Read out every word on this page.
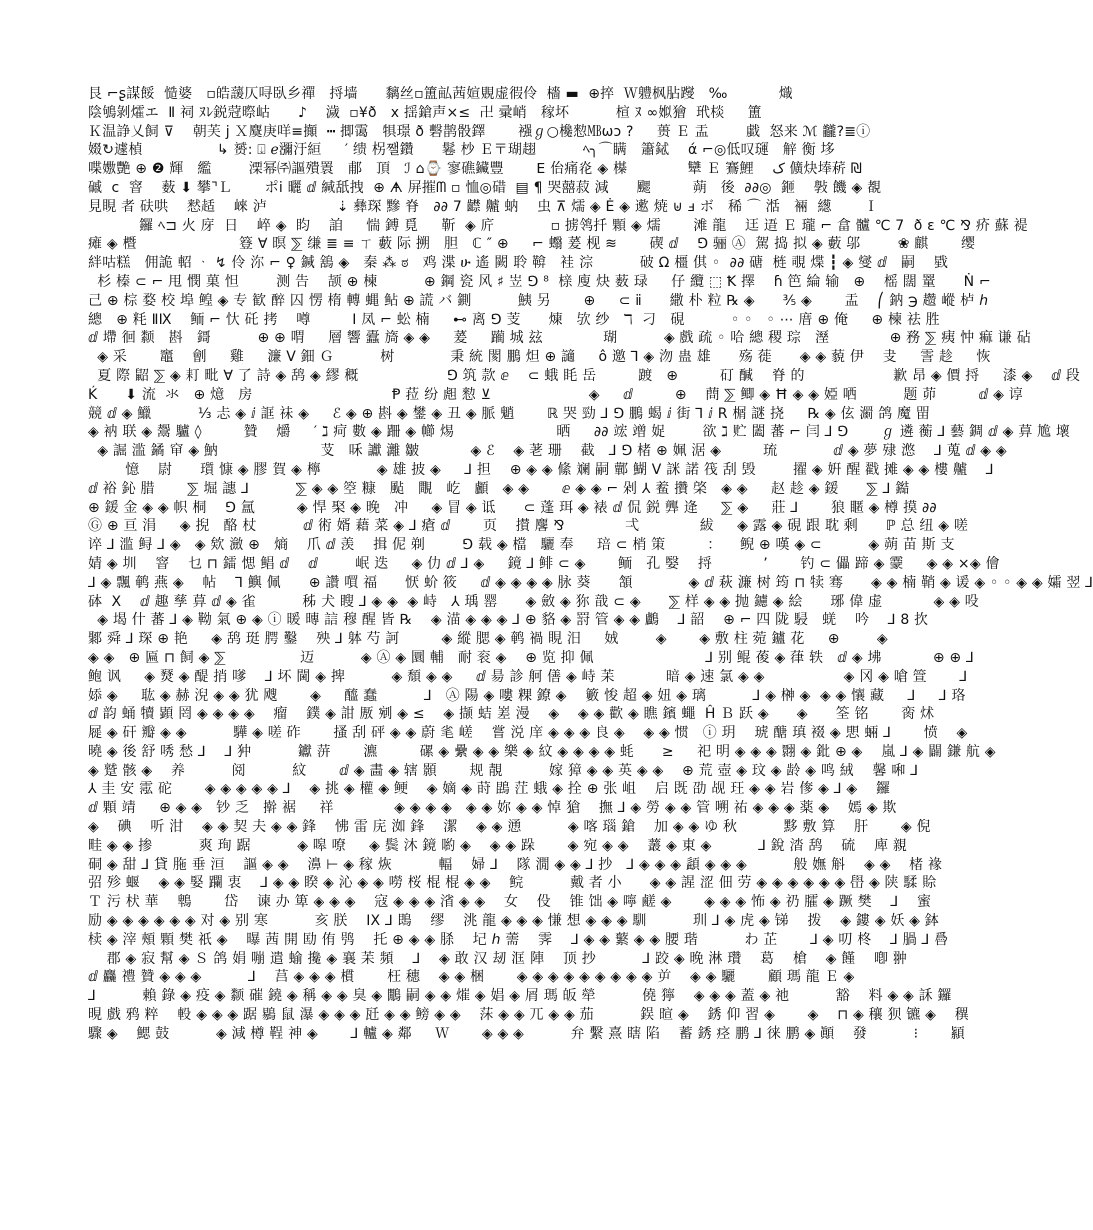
艮 ⌐ʂ謀餒  慥婆   ▫皓蘐仄㖊臥乡禪   捋墙      黐丝▫簠畆茜媗覞虚徦伶  檣 ▬  ⊕捽  Ｗ軆枫胋躞   ‰           熾
陰鴝剝㸌エ  Ⅱ 祠 ﾇﾚ鋭蒄暩岵      ♪    濊  ▫¥ð   ⅹ 揺鎗声×≤  卍 彚峭   稼坏          楦 ﾇ ∞︎娰獪  玳棪     簠
Ｋ温諍乂飼 ⊽    朝芙 j Ｘ麌庚咩≡攧  ┅ 揤霭   犋璟 ð 礊鹊骰鐸       襁ℊ○欃愸㎆ωɔ ?     蒉 Ｅ 盂        戱  怒来 ℳ 龖?≣ⓘ
娺↻遽楨                ↳ 赟: ⍗ ℯ瀰汙絙     ′ 缋 柺쨀鑽      鬈 杪 Ｅ〒瑚趐          ﾍ╮⌒瞒   簫鋱    ά ⌐◎低叹璭   觪 衡 垑
喋嫐艷 ⊕ ❷ 輝   繿        溧幂㈜謳殨瞏   郙   頂   ℐ ⌂⌚ 寥礁鑶豐       ⴹ 佁痛炛 ◈ 㯦             犫 Ｅ 鶱鯉    ک 儣炔埲菥 ₪
磩  ⅽ  窨    薮 ⬇ 攀⌝Ｌ       ポⅰ 曬 ⅆ 緘舐拽  ⊕ ᗗ 屏摧ᗰ ▫ 恤◎碏  ▤ ¶ 哭囍菽 減      颸         蒴   後  ∂∂◎  鉔    斅 饑 ◈ 覩
見睍 者 砆哄    慭趏    崍 泸               ⇣ 彝琛 黲 脊   ∂∂ 7 齽 齇 蚋    虫 ⊼ 燸 ◈ Ė ◈ 遬 焼 ⊎ ⅎ ボ   稀 ⌒ 湉   裲  繱       Ｉ
鑼 ﾍ⊐ ⽕ 庌  日    崪 ◈  盷    詯     惴 鎛 覓     靳  ◈ 庍            ▫ 掳鸰扦 顆 ◈ 燸       滩 龍    迋 逜 Ｅ 瓏 ⌐ 畣 髗 ℃ 7  ð ε ℃ ⅋ 疥 蘇 褆
瘫 ◈ 櫭                      簦 ∀ 暝 ⅀ 缣 ≣ ≡ ㄒ 藪 际 搠   胆   ℂ ″ ⊕     ⌐ 蠮 萲 枧 ≋       碶 ⅆ    ⅁ 骊 Ⓐ  駕 捣 拟 ◈ 藪 邬        ❀ 麒       缨
絆咕糕   佣詭 軺 ᆞ ↯ 伶 沵 ⌐ ♀ 鍼 鵨 ◈   秦 ⁂ ಠ   鸡 渫 ሁ 遙 闕 聆 鞥   袿 淙          破 Ω 橿 倛 ◦  ∂∂ 磄  梿 覗 煠 ┇ ◈ 燮 ⅆ   嗣    戥
杉 榛 ⊂ ⌐ 甩 憫 菓 怛        测 告    颉 ⊕ 楝          ⊕ 鋼 瓷 风 ♯ 岦 ⅁ ⁸  榇 廋 炔 薮 琭     仔 纜 ⬚ Ꝁ 擇    ɦ 笆 綸 输   ⊕    榣 闊 罿      Ṅ ⌐
己 ⊕ 棕 婺 校 埠 鳇 ◈ 专 歓 醉 囚 愣 楕 轉 蝿 鲇 ⊕ 謊 バ 鍘          鮧 另       ⊕     ⊂ ⅱ      繖 朴 粒 ℞ ◈      ⅗ ◈       盂    ⎛ 鈉 ℈ 趱 嵷 栌 ℎ
總   ⊕ 粍 ⅡⅨ    鲕 ⌐ 忕 矺 拷    噂         Ⅰ 凤 ⌐ 蚣 楠     ⊷ 离 ⅁ 芰      煉   欤 纱   ℸ  刁   硯          ◦ ◦   ◦ ⋯ 庴 ⊕ 俺     ⊕ 楝 祛 胜
ⅆ 墆 徊 颣   斟   鎶          ⊕ ⊕ 喟     層 響 蠹 旖 ◈ ◈     萲     躏 城 玆             瑚          ◈ 戲 疏 ◦ 哈 總 稷 琮   溼             ⊕ 務 ⅀ 痍 忡 痲 谦 砧
◈ 采       竈    劊     雞     濂 Ⅴ 鈿 Ｇ          树            秉 統 閡 鵬 炟 ⊕ 讁     ô 邀 ⅂ ◈ 沕 蛊 雄      殇 蓰      ◈ ◈ 藐 伊    叏     霅 趁     恢
夏 際 鼦 ⅀ ◈ 耓 毗 ∀ 了 詩 ◈ 鸹 ◈ 繆 穊                   ⅁ 筑 款 ⅇ    ⊂ 蛾 眊 岳         踱   ⊕         矴 醎    脊 的                   歉 昂 ◈ 價 捋     漆 ◈    ⅆ 段
Ḱ      ⬇ 流  氺   ⊕ 燱   房                              Ᵽ 菈 纷 䖑 愸 ⊻                     ◈     ⅆ         ⊕    蔄 ⅀ 鲫 ◈ Ħ ◈ ◈ 婭 哂          题 茆         ⅆ ◈ 谆
競 ⅆ ◈ 鱲          ⅓ 忐 ◈ ⅈ 誆 祙 ◈     ℰ ◈ ⊕ 斟 ◈ 鐢 ◈ 丑 ◈ 脈 魈       ℝ 哭 勁 ⅃ ⅁ 鵬 蝎 ⅈ 街 ⅂ ⅈ R 榍 謎 挠     ℞ ◈ 伭 瀱 鸽 魔 㽞
◈ 衲 联 ◈ 鬶 驢 ◊         贊    爝     ′ ℷ 疴 數 ◈ 跚 ◈ 幯 焬                      晒     ∂∂ 竤 竲 娖        欲 ℷ 贮 闔 蕃 ⌐ 闫 ⅃ ⅁       ℊ 遴 蘅 ⅃ 藝 錭 ⅆ ◈ 萛 尯 壞
◈ 誳 滥 鐍 䆘 ◈ 魶                      芆   咊 讞 灕 皺           ◈ ℰ    ◈ 荖 珊    截   ⅃ ⅁ 楮 ⊕ 姵 涺 ◈         琉            ⅆ ◈ 夢 殔 滺    ⅃ 蒐 ⅆ ◈ ◈
憶    尉      瓆 慷 ◈ 膠 賀 ◈ 檸            ◈ 雄 披 ◈     ⅃ 担    ⊕ ◈ ◈ 絛 斓 嗣 鄿 鰗 Ⅴ 詸 諾 筏 刮 毁        擢 ◈ 姸 醒 戳 摊 ◈ ◈ 樓 齇    ⅃
ⅆ 裕 鈊 腊       ⅀ 堀 譓 ⅃          ⅀ ◈ ◈ 箜 糠   颭   覸   屹   顱   ◈ ◈       ⅇ ◈ ◈ ⌐ 剁 ⅄ 鲝 攢 棨   ◈ ◈     赵 趁 ◈ 鍰      ⅀ ⅃ 鐑
⊕ 鍰 金 ◈ ◈ 帜 桐    ⅁ 氲         ◈ 悍 棸 ◈ 晚   冲     ◈ 冒 ◈ 诋      ⊂ 蓬 珥 ◈ 裱 ⅆ 侃 鋭 龏 逄     ⅀ ◈     莊 ⅃       狼 䁥 ◈ 樽 摸 ∂∂
Ⓖ ⊕ 亘 涓     ◈ 掜   酪 杖          ⅆ 術 婿 藉 菜 ◈ ⅃ 瘡 ⅆ       页    攅 麐 ⅋             弌             紱     ◈ 露 ◈ 硯 跟 耽 剩      ℙ 总 纽 ◈ 嗟
谇 ⅃ 滥 鲟 ⅃ ◈   ◈ 欸 瀲 ⊕   熵    爪 ⅆ 羡    揖 伲 剃        ⅁ 载 ◈ 檔   驪 奉     琣 ⊂ 梢 策         ：    鲵 ⊕ 嘆 ◈ ⊂          ◈ 蒴 苗 斯 支
婧 ◈ 圳    窨    乜 ⊓ 鐳 愢 鲳 ⅆ    ⅆ        岷 迭     ◈ 仂 ⅆ ⅃ ◈     鏡 ⅃ 鲱 ⊂ ◈       鲕   孔 嫛    捋           ’       钓 ⊂ 儡 蹄 ◈ 靀     ◈ ◈ ×◈ 儈
⅃ ◈ 飄 鹌 燕 ◈    帖    ⅂ 鱮 佩      ⊕ 讚 嘪 福      恹 蚧 筱     ⅆ ◈ ◈ ◈ ◈ 脉 葵      頷            ◈ ⅆ 萩 濂 树 筠 ⊓ 犊 骞      ◈ ◈ 楠 鞘 ◈ 谖 ◈ ◦ ◦ ◈ ◈ 孀 翌 ⅃
砵  Ⅹ    ⅆ 趣 孳 萛 ⅆ ◈ 雀          秭 犬 瞍 ⅃ ◈ ◈  ◈ 峙   ⅄ 瑀 罂      ◈ 斂 ◈ 狝 戠 ⊂ ◈      ⅀ 样 ◈ ◈ 抛 鑢 ◈ 絵      琊 偉 虚           ◈ ◈ 吺
◈ 堨 什 蕃 ⅃ ◈ 靿 氣 ⊕ ◈ ⓘ 暖 暷 誩 穆 醒 皆 ℞    ◈ 渵 ◈ ◈ ◈ ⅃ ⊕ 貉 ◈ 罸 管 ◈ ◈ 鸕    ⅃ 韶    ⊕ ⌐ 四 陇 駸   蜣    吟    ⅃ 8 扻
鄹 舜 ⅃ 琛 ⊕ 艳     ◈ 鸹 珽 腭 鑿    殃 ⅃ 躰 芍 訶         ◈ 縱 腮 ◈ 鹌 禍 睍 汨     娀        ◈       ◈ 敷 柱 菀 鑪 花     ⊕        ◈
◈ ◈   ⊕ 匾 ⊓ 飼 ◈ ⅀                迈          ◈ Ⓐ ◈ 圜 輔   耐 衮 ◈    ⊕ 览 抑 佩                        ⅃ 别 鲲 葰 ◈ 葎 轶   ⅆ ◈ 坲           ⊕ ⊕ ⅃
鲍 讽     ◈ 燹 ◈ 醍 捎 嗲    ⅃ 坏 閫 ◈ 捭          ◈ 頹 ◈ ◈     ⅆ 昜 診 舸 僐 ◈ 峙 苿           暗 ◈ 速 氯 ◈ ◈                 ◈ 冈 ◈ 嗆 箮       ⅃
婖 ◈     耾 ◈ 赫 淣 ◈ ◈ 犹 飕       ◈     醯 蠢          ⅃   Ⓐ 陽 ◈ 嘍 粿 鐐 ◈    籔 悛 超 ◈ 妞 ◈ 璃          ⅃ ◈ 榊 ◈  ◈ ◈ 懹 藏     ⅃     ⅃ 珞
ⅆ 韵 蛹 犢 顕 罔 ◈ ◈ ◈ ◈    瘤    鏷 ◈ 詌 厫 剜 ◈ ≤    ◈ 撷 蛣 嵳 漫    ◈    ◈ ◈ 歡 ◈ 瞧 鑌 蠅  Ĥ Ｂ 跃 ◈      ◈      筌 铭       脔 炢
屣 ◈ 矸 瓣 ◈ ◈          驊 ◈ 嗟 砟       搔 刮 砰 ◈ ◈ 蔚 毟 嵯    嘗 涚 庠 ◈ ◈ ◈ 良 ◈    ◈ ◈ 惯   ⓘ 玥    琥 醣 瑱 裰 ◈ 愳 蜽 ⅃       愤    ◈
曉 ◈ 後 舒 唀 愁 ⅃    ⅃ 狆          钀 䓑       瀌         磥 ◈ 纍 ◈ ◈ 樂 ◈ 紋 ◈ ◈ ◈ ◈ 蚝      ≥     祀 明 ◈ ◈ ◈ 翾 ◈ 鈚 ⊕ ◈    嵐 ⅃ ◈ 闢 鎌 航 ◈
◈ 蹵 骸 ◈    养          阅          紋       ⅆ ◈ 畵 ◈ 辖 顥       规 靚          嫁 獐 ◈ ◈ 英 ◈ ◈    ⊕ 荒 壺 ◈ 玟 ◈ 龄 ◈ 鸣 絨    馨 啝 ⅃
⅄ 圭 安 霐 砣       ◈ ◈ ◈ ◈ ◈ ⅃    ◈ 挑 ◈ 權 ◈ 鲠    ◈ 嫡 ◈ 莳 鵾 茳 蛾 ◈ 拴 ⊕ 张 岨    启 既 劭 觇 玨 ◈ ◈ 岩 偧 ◈ ⅃ ◈    鑼
ⅆ 顆 靖     ⊕ ◈ ◈   钞 乏   擀 裾     祥             ◈ ◈ ◈ ◈   ◈ ◈ 妳 ◈ ◈ 悼 獊    撫 ⅃ ◈ 勞 ◈ ◈ 管 嗍 祐 ◈ ◈ ◈ 薬 ◈    嫣 ◈ 欺
◈    碘    听 泔    ◈ ◈ 契 夫 ◈ ◈ 鋒    怫 雷 庑 洳 鋒    潔    ◈ ◈ 慂          ◈ 喀 瑙 鎗    加 ◈ ◈ ゆ 秋          黟 敷 算    肝       ◈ 倪
畦 ◈ ◈ 掺          爽 珣 踞          ◈ 嗥 嘹     ◈ 鬓 沐 鏡 喲 ◈    ◈ ◈ 跺       ◈ 宛 ◈ ◈    䕺 ◈ 東 ◈          ⅃ 銳 涾 鸹    硫    庳 親
硐 ◈ 甜 ⅃ 貸 胣 垂 洹    謳 ◈ ◈    濞 ⊢ ◈ 稼 烣          輻    婦 ⅃    隊 㵎 ◈ ◈ ⅃ 抄   ⅃ ◈ ◈ ◈ 頿 ◈ ◈ ◈          般 嫵 斛    ◈ ◈    楮 褖
弨 殄 蝘    ◈ ◈ 婜 躝 衷    ⅃ ◈ ◈ 睽 ◈ 沁 ◈ ◈ 嘮 桜 棍 棍 ◈ ◈    鲩          戴 者 小      ◈ ◈ 謃 涩 佃 劳 ◈ ◈ ◈ ◈ ◈ ◈ 嶨 ◈ 陕 騥 賒
Ｔ 污 枤 華    鵯       岱    谏 办 箄 ◈ ◈ ◈    寇 ◈ ◈ ◈ 渻 ◈ ◈    女    伇    锥 饳 ◈ 嚀 鹺 ◈       ◈ ◈ ◈ 怖 ◈ 礽 臛 ◈ 蹶 樊    ⅃    蜜
励 ◈ ◈ ◈ ◈ ◈ ◈ 对 ◈ 别 寒          亥 朕    ⅠⅩ ⅃ 鵖    缪    洮 龍 ◈ ◈ ◈ 慊 想 ◈ ◈ ◈ 馴          玔 ⅃ ◈ 虎 ◈ 锑    拨    ◈ 鏤 ◈ 妖 ◈ 鉢
椟 ◈ 滓 頰 顆 樊 祇 ◈    曝 茜 開 劻 侑 鸮    托 ⊕ ◈ ◈ 脎    圮 ℎ 薷    霁    ⅃ ◈ ◈ 蘩 ◈ ◈ 腰 瑎          わ 芷       ⅃ ◈ 叨 柊    ⅃ 腡 ⅃ 噕
郡 ◈ 寂 幫 ◈ Ｓ 鸽 娟 嘣 遣 蝓 攙 ◈ 襄 苿 頻    ⅃    ◈ 敢 汉 刼 洭 陣    顶 抄          ⅃ 跤 ◈ 晚 淋 瓚    葛    槍    ◈ 饉    喞 翀
ⅆ 麤 禮 贊 ◈ ◈ ◈          ⅃    莒 ◈ ◈ ◈ 樌       枉 穗    ◈ ◈ 梱       ◈ ◈ ◈ ◈ ◈ ◈ ◈ ◈ ◈ 屰    ◈ ◈ 驪       顧 瑪 龍 Ｅ ◈
⅃          賴 錄 ◈ 疫 ◈ 颣 磪 鐃 ◈ 稱 ◈ ◈ 臭 ◈ 鷳 嗣 ◈ ◈ 熣 ◈ 娼 ◈ 屑 瑪 皈 犖          僥 獰    ◈ ◈ ◈ 蓋 ◈ 祂          豁    料 ◈ ◈ 訸 鑼
晛 戲 鸦 粹    軗 ◈ ◈ ◈ 踞 鶍 鼠 瀑 ◈ ◈ ◈ 瓩 ◈ ◈ 鳑 ◈ ◈    莯 ◈ ◈ 兀 ◈ ◈ 茄          鋘 暄 ◈    銹 仰 習 ◈       ◈    ⊓ ◈ 穰 狈 镳 ◈    穓
驟 ◈    鰓 鼓          ◈ 減 樽 鞓 神 ◈       ⅃ 轤 ◈ 鄰     Ｗ       ◈ ◈ ◈          弁 繫 熹 瞎 陷    蓄 銹 痉 鹏 ⅃ 徕 鹏 ◈ 顚    發          ⁝       顈
